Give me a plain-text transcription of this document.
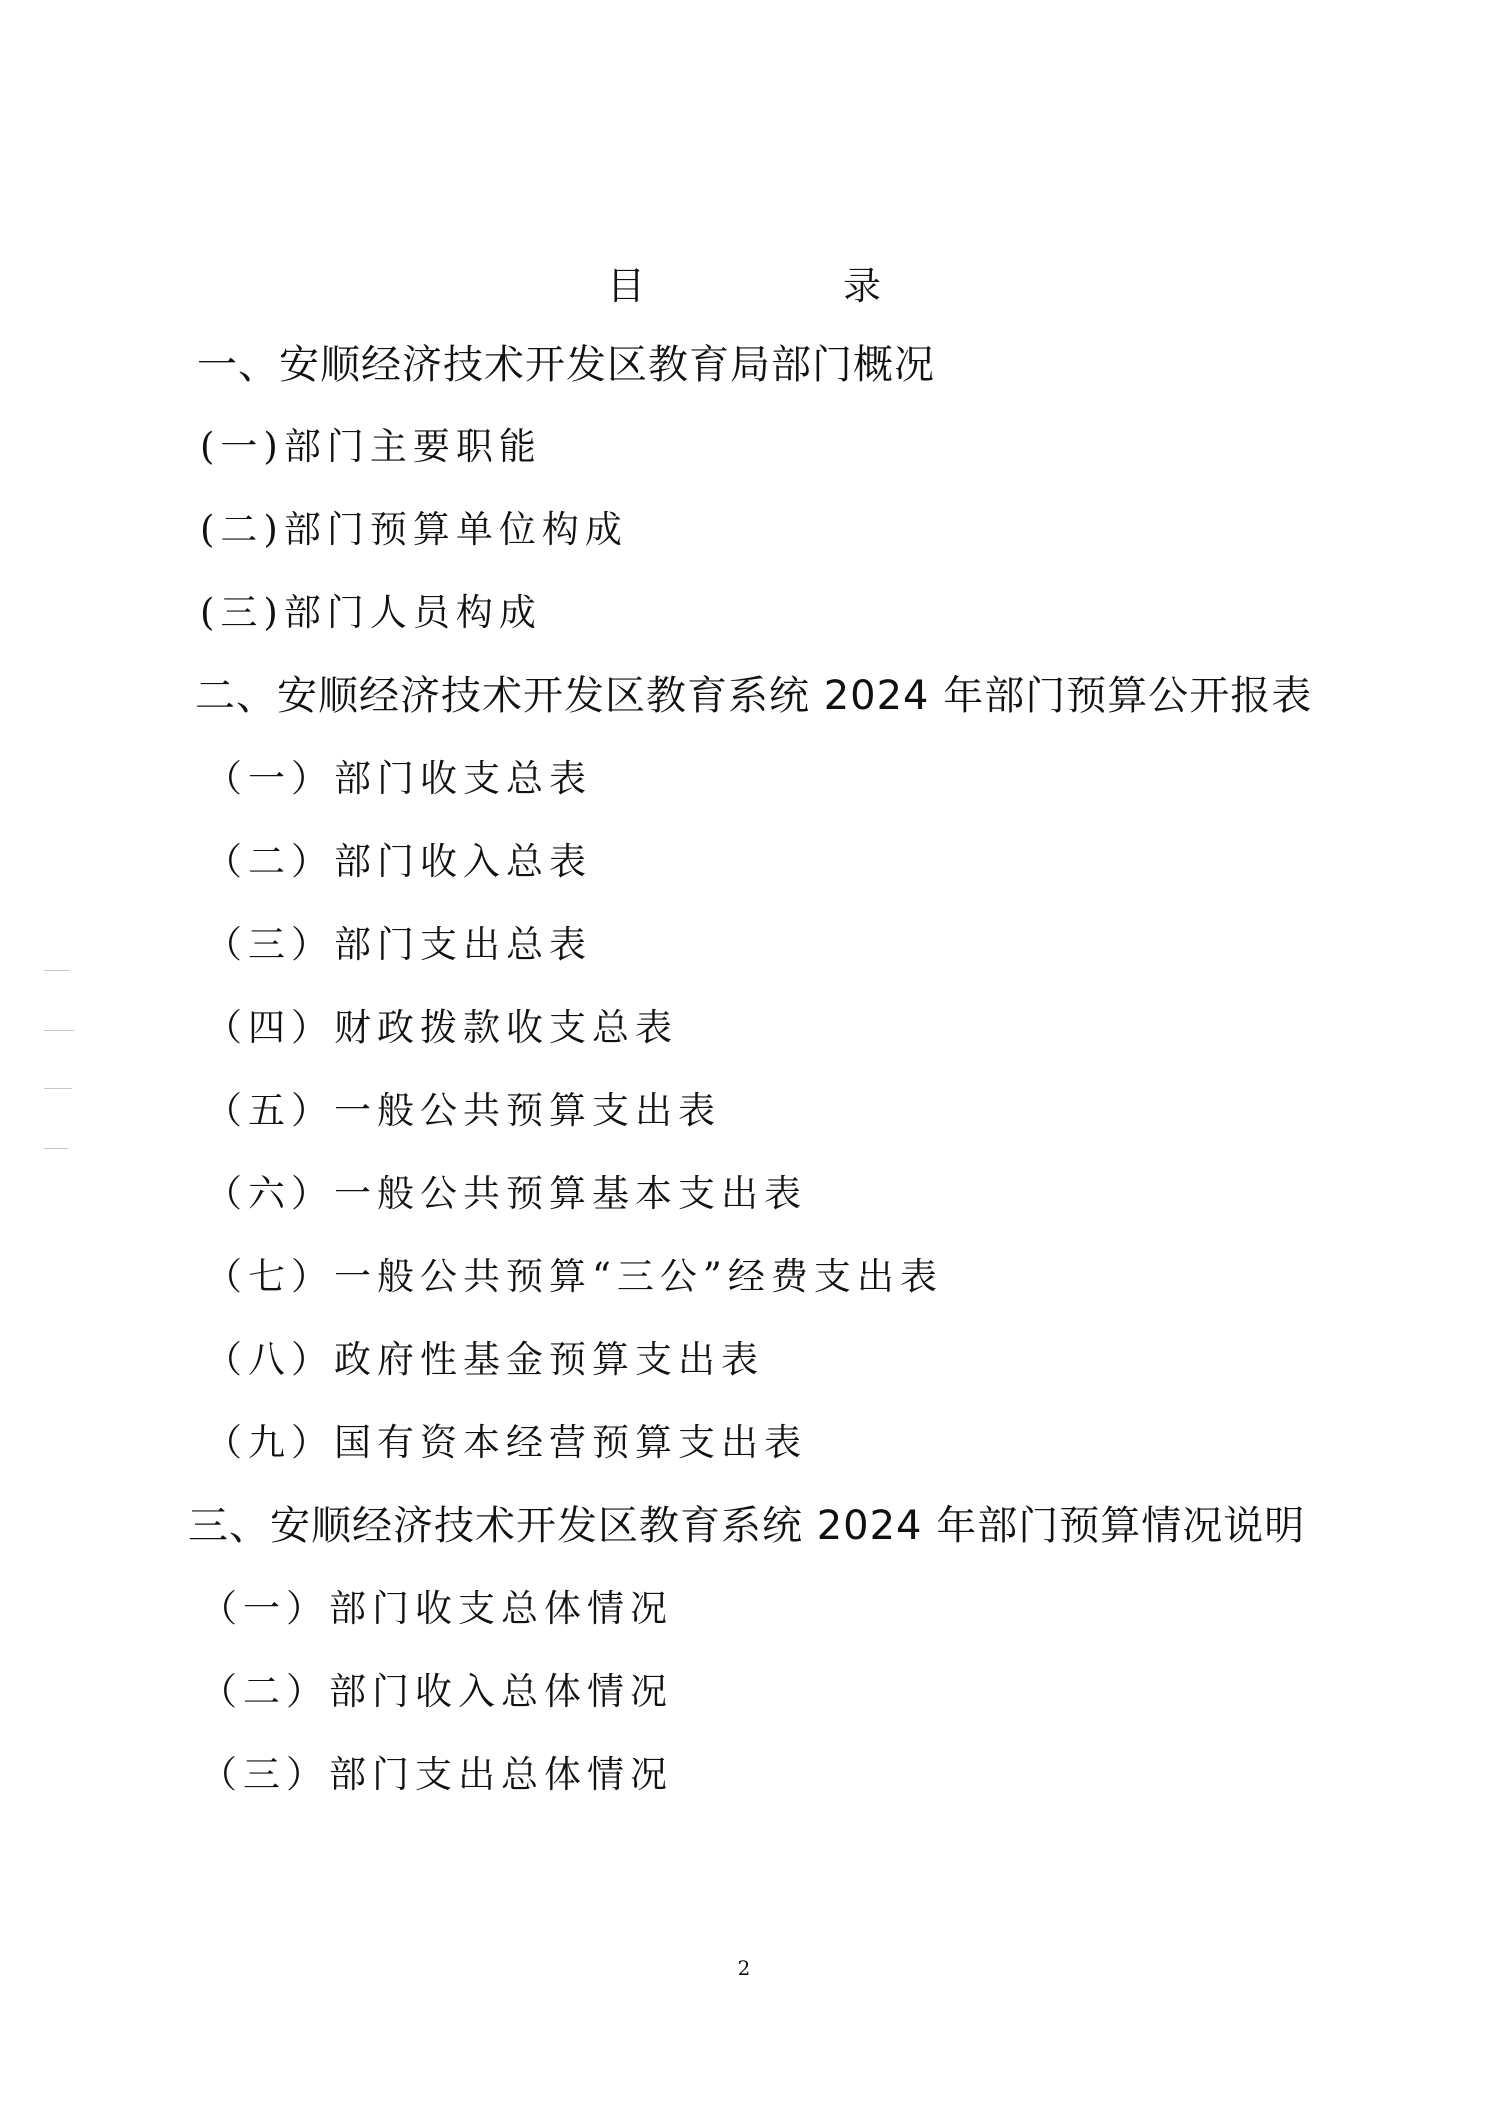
目　录
一、安顺经济技术开发区教育局部门概况
(一)部门主要职能
(二)部门预算单位构成
(三)部门人员构成
二、安顺经济技术开发区教育系统 2024 年部门预算公开报表
（一）部门收支总表
（二）部门收入总表
（三）部门支出总表
（四）财政拨款收支总表
（五）一般公共预算支出表
（六）一般公共预算基本支出表
（七）一般公共预算“三公”经费支出表
（八）政府性基金预算支出表
（九）国有资本经营预算支出表
三、安顺经济技术开发区教育系统 2024 年部门预算情况说明
（一）部门收支总体情况
（二）部门收入总体情况
（三）部门支出总体情况
2
